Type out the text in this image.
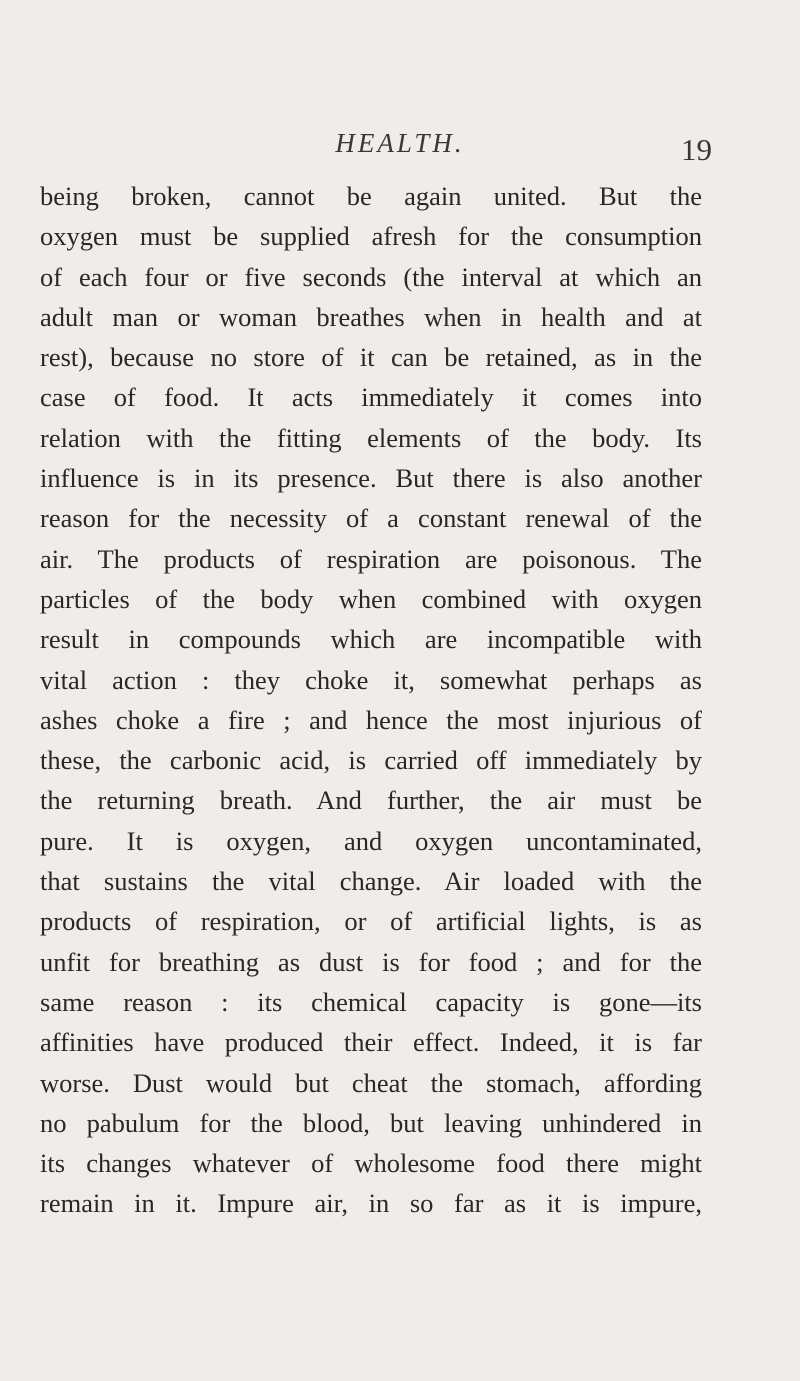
HEALTH.	19
being broken, cannot be again united. But the
oxygen must be supplied afresh for the consumption
of each four or five seconds (the interval at which an
adult man or woman breathes when in health and at
rest), because no store of it can be retained, as in the
case of food. It acts immediately it comes into
relation with the fitting elements of the body. Its
influence is in its presence. But there is also another
reason for the necessity of a constant renewal of the
air. The products of respiration are poisonous. The
particles of the body when combined with oxygen
result in compounds which are incompatible with
vital action : they choke it, somewhat perhaps as
ashes choke a fire ; and hence the most injurious of
these, the carbonic acid, is carried off immediately by
the returning breath. And further, the air must be
pure. It is oxygen, and oxygen uncontaminated,
that sustains the vital change. Air loaded with the
products of respiration, or of artificial lights, is as
unfit for breathing as dust is for food ; and for the
same reason : its chemical capacity is gone—its
affinities have produced their effect. Indeed, it is far
worse. Dust would but cheat the stomach, affording
no pabulum for the blood, but leaving unhindered in
its changes whatever of wholesome food there might
remain in it. Impure air, in so far as it is impure,
